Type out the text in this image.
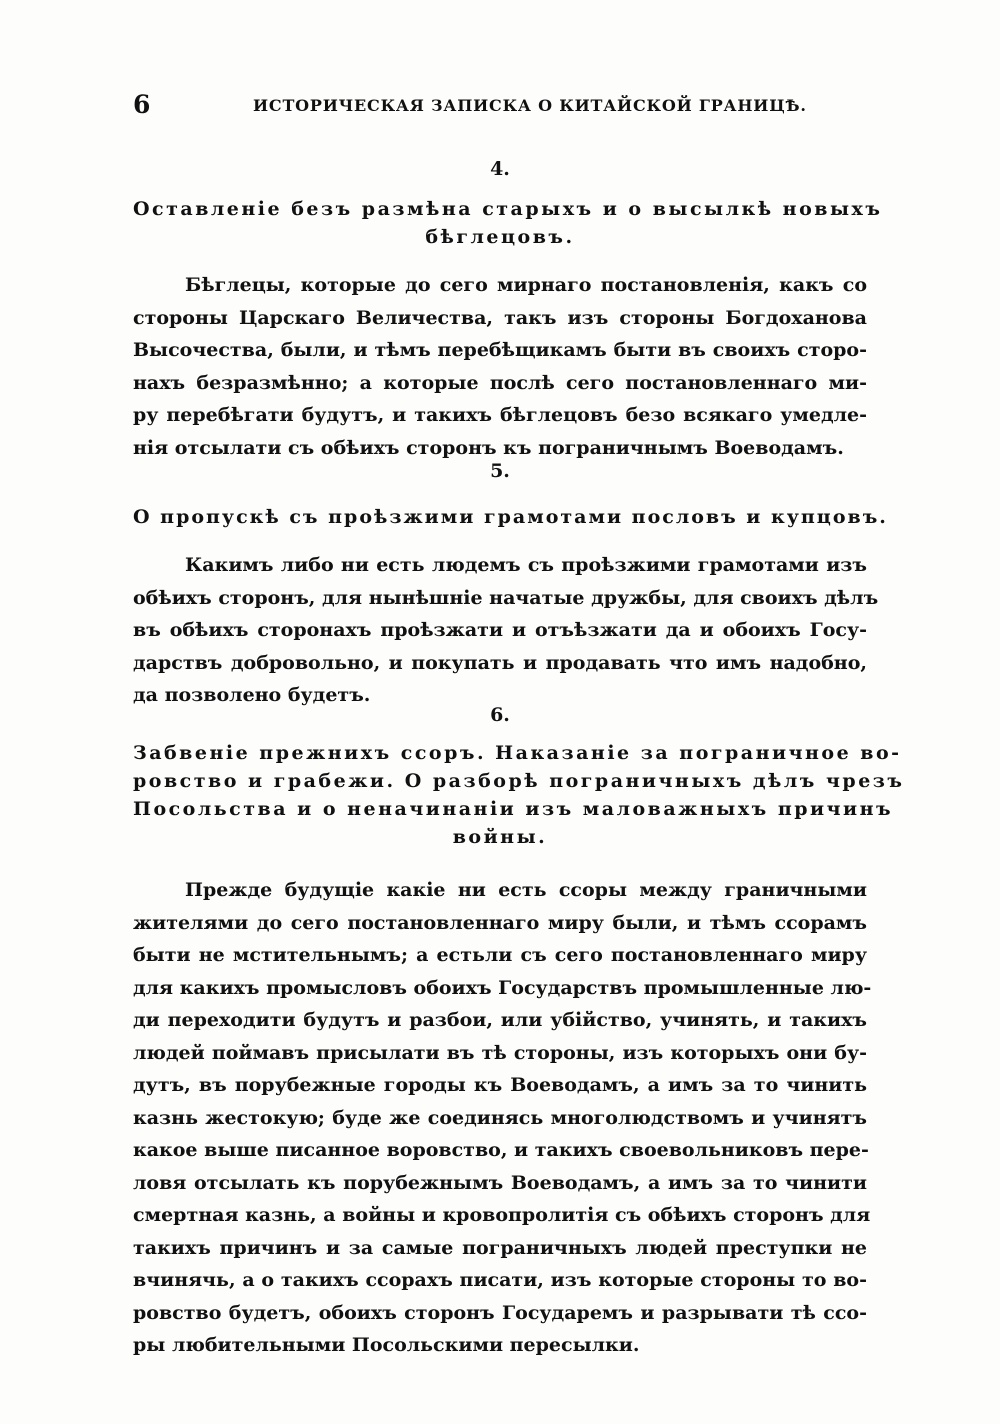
6	ИСТОРИЧЕСКАЯ ЗАПИСКА О КИТАЙСКОЙ ГРАНИЦѢ.
4.
Оставленіе безъ размѣна старыхъ и о высылкѣ новыхъ
бѣглецовъ.
Бѣглецы, которые до сего мирнаго постановленія, какъ со
стороны Царскаго Величества, такъ изъ стороны Богдоханова
Высочества, были, и тѣмъ перебѣщикамъ быти въ своихъ сторо-
нахъ безразмѣнно; а которые послѣ сего постановленнаго ми-
ру перебѣгати будутъ, и такихъ бѣглецовъ безо всякаго умедле-
нія отсылати съ обѣихъ сторонъ къ пограничнымъ Воеводамъ.
5.
О пропускѣ съ проѣзжими грамотами пословъ и купцовъ.
Какимъ либо ни есть людемъ съ проѣзжими грамотами изъ
обѣихъ сторонъ, для нынѣшніе начатые дружбы, для своихъ дѣлъ
въ обѣихъ сторонахъ проѣзжати и отъѣзжати да и обоихъ Госу-
дарствъ добровольно, и покупать и продавать что имъ надобно,
да позволено будетъ.
6.
Забвеніе прежнихъ ссоръ. Наказаніе за пограничное во-
ровство и грабежи. О разборѣ пограничныхъ дѣлъ чрезъ
Посольства и о неначинаніи изъ маловажныхъ причинъ
войны.
Прежде будущіе какіе ни есть ссоры между граничными
жителями до сего постановленнаго миру были, и тѣмъ ссорамъ
быти не мстительнымъ; а естьли съ сего постановленнаго миру
для какихъ промысловъ обоихъ Государствъ промышленные лю-
ди переходити будутъ и разбои, или убійство, учинять, и такихъ
людей поймавъ присылати въ тѣ стороны, изъ которыхъ они бу-
дутъ, въ порубежные городы къ Воеводамъ, а имъ за то чинить
казнь жестокую; буде же соединясь многолюдствомъ и учинятъ
какое выше писанное воровство, и такихъ своевольниковъ пере-
ловя отсылать къ порубежнымъ Воеводамъ, а имъ за то чинити
смертная казнь, а войны и кровопролитія съ обѣихъ сторонъ для
такихъ причинъ и за самые пограничныхъ людей преступки не
вчинячь, а о такихъ ссорахъ писати, изъ которые стороны то во-
ровство будетъ, обоихъ сторонъ Государемъ и разрывати тѣ ссо-
ры любительными Посольскими пересылки.
